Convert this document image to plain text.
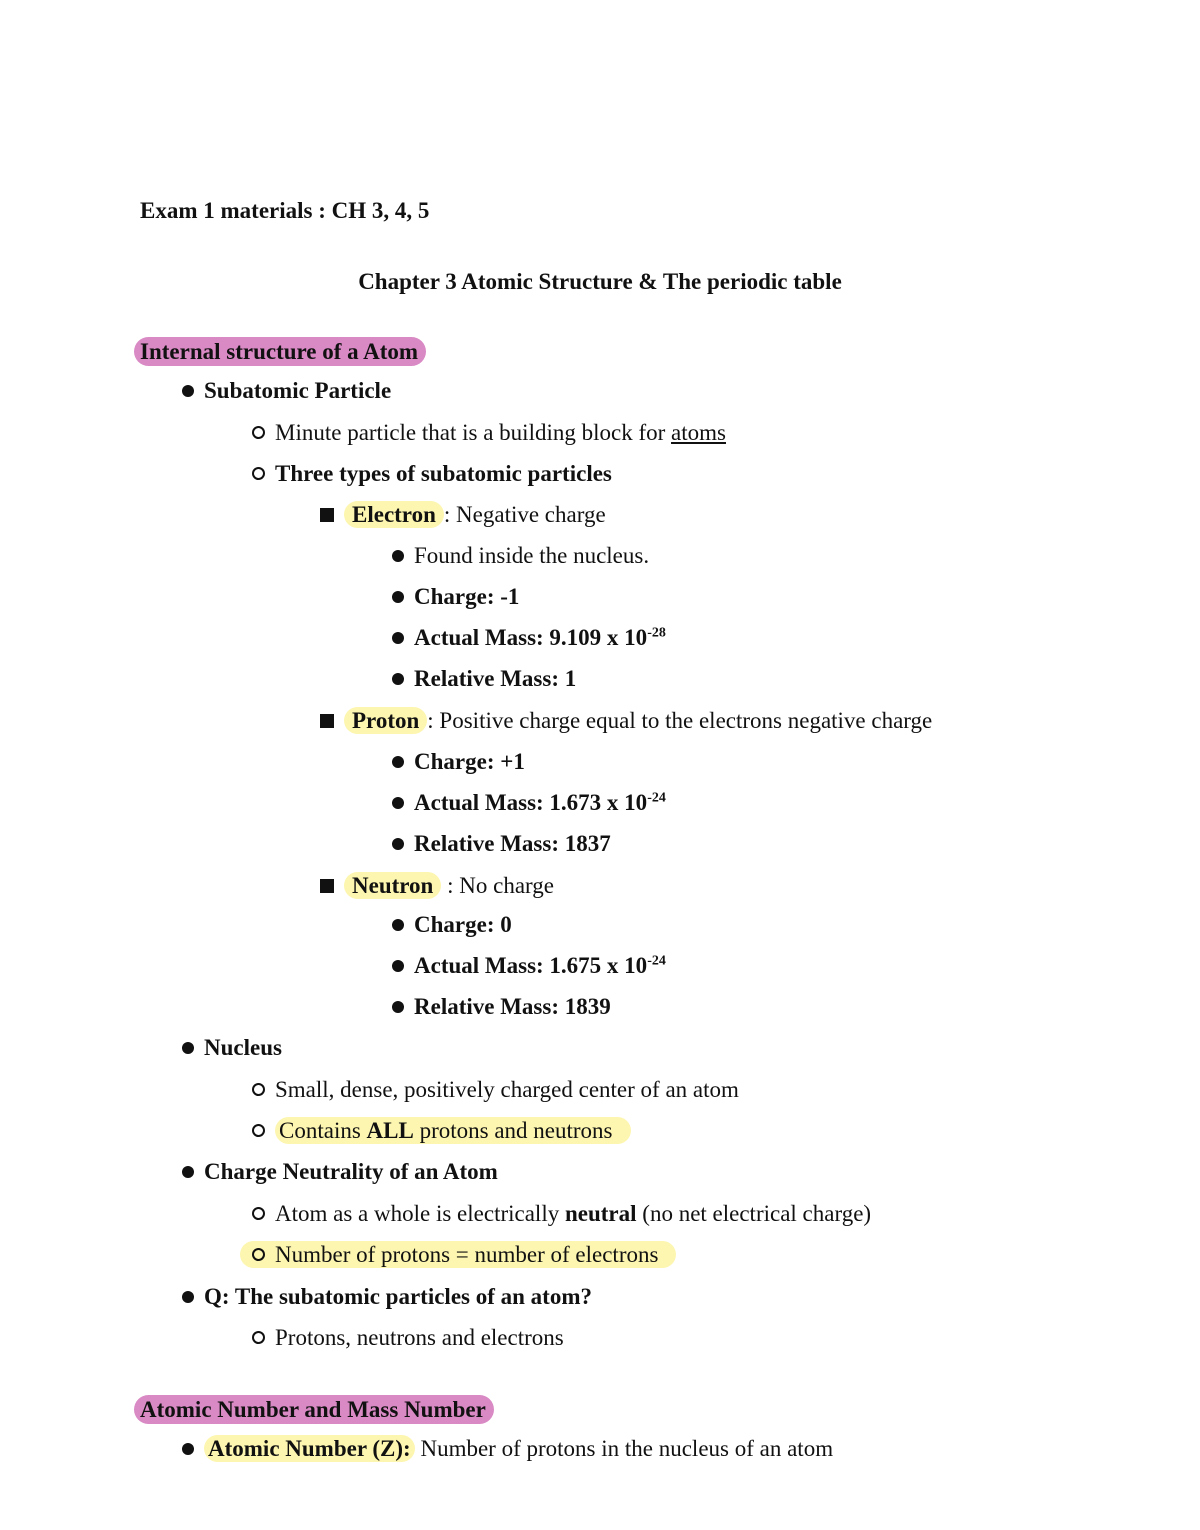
Exam 1 materials : CH 3, 4, 5
Chapter 3 Atomic Structure & The periodic table
Internal structure of a Atom
Subatomic Particle
Minute particle that is a building block for atoms
Three types of subatomic particles
Electron : Negative charge
Found inside the nucleus.
Charge: -1
Actual Mass: 9.109 x $10^{-28}$
Relative Mass: 1
Proton : Positive charge equal to the electrons negative charge
Charge: +1
Actual Mass: 1.673 x $10^{-24}$
Relative Mass: 1837
Neutron : No charge
Charge: 0
Actual Mass: 1.675 x $10^{-24}$
Relative Mass: 1839
Nucleus
Small, dense, positively charged center of an atom
Contains ALL protons and neutrons
Charge Neutrality of an Atom
Atom as a whole is electrically neutral (no net electrical charge)
Number of protons = number of electrons
Q: The subatomic particles of an atom?
Protons, neutrons and electrons
Atomic Number and Mass Number
Atomic Number (Z): Number of protons in the nucleus of an atom
